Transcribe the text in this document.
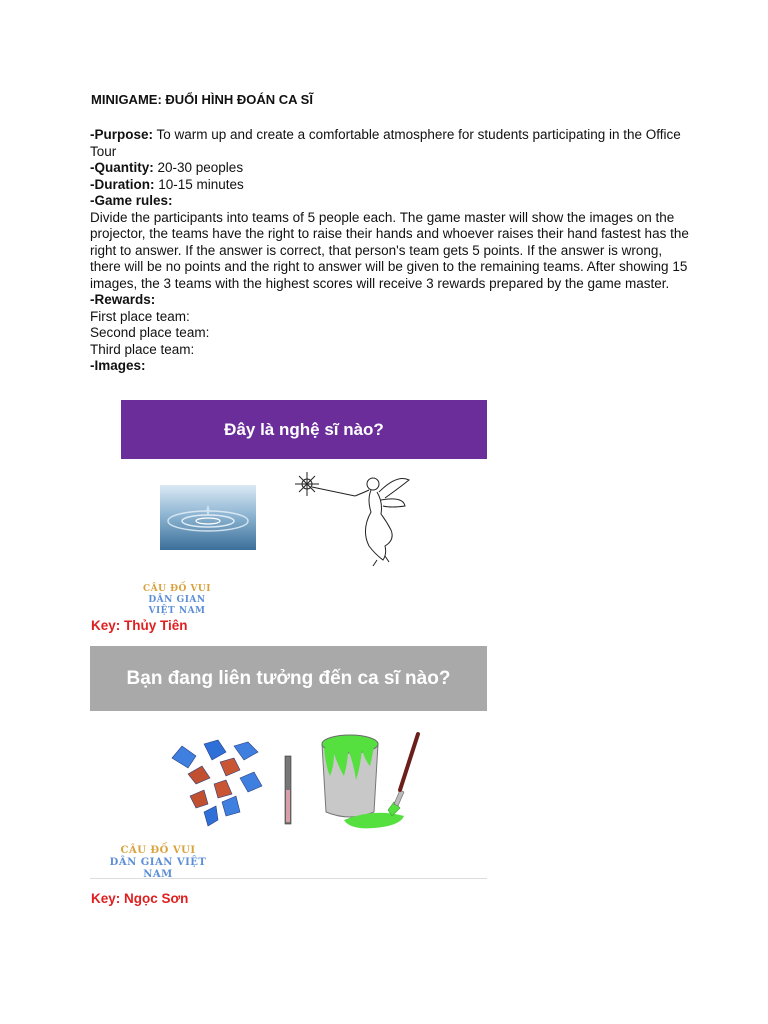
MINIGAME: ĐUỔI HÌNH ĐOÁN CA SĨ

-Purpose: To warm up and create a comfortable atmosphere for students participating in the Office Tour

-Quantity: 20-30 peoples

-Duration: 10-15 minutes

-Game rules:

Divide the participants into teams of 5 people each. The game master will show the images on the projector, the teams have the right to raise their hands and whoever raises their hand fastest has the right to answer. If the answer is correct, that person's team gets 5 points. If the answer is wrong, there will be no points and the right to answer will be given to the remaining teams. After showing 15 images, the 3 teams with the highest scores will receive 3 rewards prepared by the game master.

-Rewards:

First place team:

Second place team:

Third place team:

-Images:

Đây là nghệ sĩ nào?
CÂU ĐỐ VUI
DÂN GIAN VIỆT NAM
Key: Thủy Tiên
Bạn đang liên tưởng đến ca sĩ nào?
CÂU ĐỐ VUI
DÂN GIAN VIỆT NAM
Key: Ngọc Sơn
